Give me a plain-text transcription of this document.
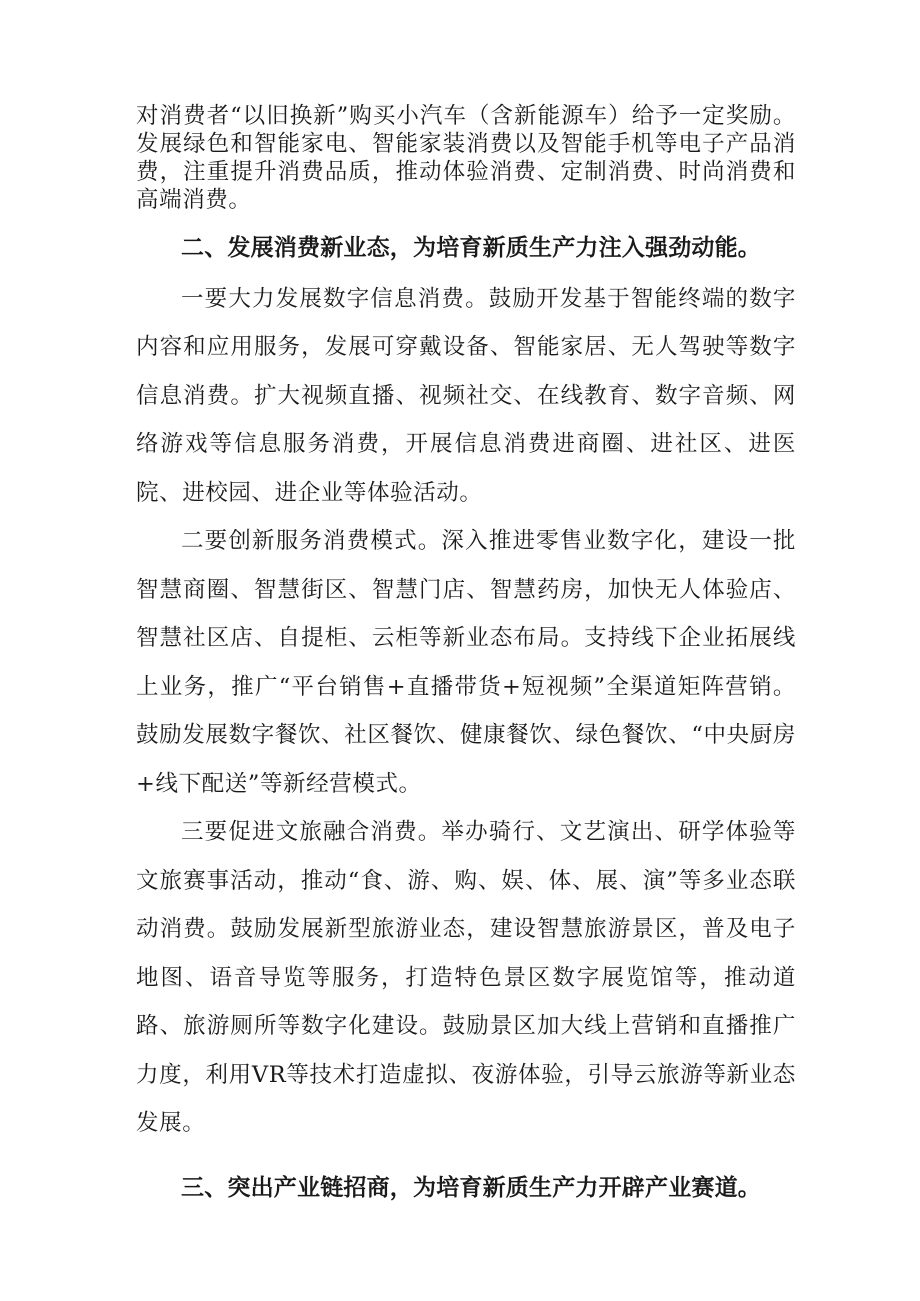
对消费者“以旧换新”购买小汽车（含新能源车）给予一定奖励。发展绿色和智能家电、智能家装消费以及智能手机等电子产品消费，注重提升消费品质，推动体验消费、定制消费、时尚消费和高端消费。

二、发展消费新业态，为培育新质生产力注入强劲动能。

一要大力发展数字信息消费。鼓励开发基于智能终端的数字内容和应用服务，发展可穿戴设备、智能家居、无人驾驶等数字信息消费。扩大视频直播、视频社交、在线教育、数字音频、网络游戏等信息服务消费，开展信息消费进商圈、进社区、进医院、进校园、进企业等体验活动。

二要创新服务消费模式。深入推进零售业数字化，建设一批智慧商圈、智慧街区、智慧门店、智慧药房，加快无人体验店、智慧社区店、自提柜、云柜等新业态布局。支持线下企业拓展线上业务，推广“平台销售+直播带货+短视频”全渠道矩阵营销。鼓励发展数字餐饮、社区餐饮、健康餐饮、绿色餐饮、“中央厨房+线下配送”等新经营模式。

三要促进文旅融合消费。举办骑行、文艺演出、研学体验等文旅赛事活动，推动“食、游、购、娱、体、展、演”等多业态联动消费。鼓励发展新型旅游业态，建设智慧旅游景区，普及电子地图、语音导览等服务，打造特色景区数字展览馆等，推动道路、旅游厕所等数字化建设。鼓励景区加大线上营销和直播推广力度，利用VR等技术打造虚拟、夜游体验，引导云旅游等新业态发展。

三、突出产业链招商，为培育新质生产力开辟产业赛道。
